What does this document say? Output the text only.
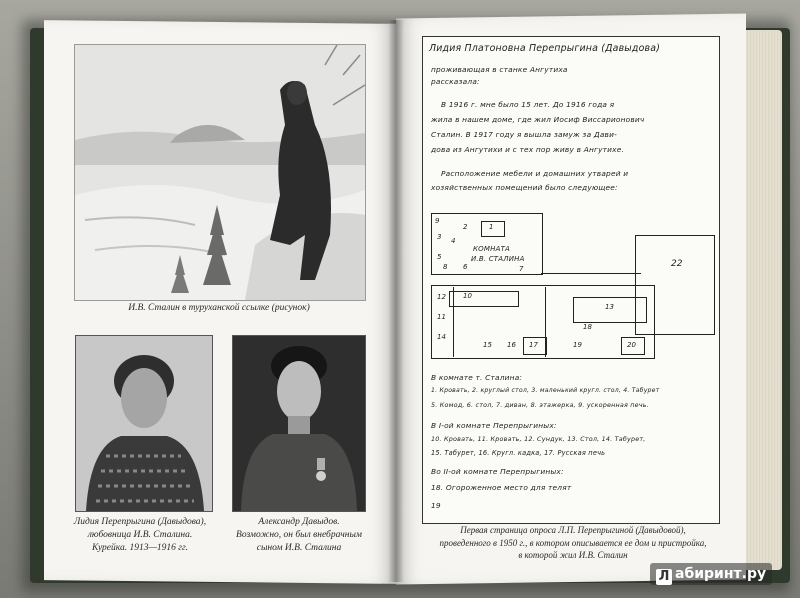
И.В. Сталин в туруханской ссылке (рисунок)
Лидия Перепрыгина (Давыдова),
любовница И.В. Сталина.
Курейка. 1913—1916 гг.
Александр Давыдов.
Возможно, он был внебрачным
сыном И.В. Сталина
Лидия Платоновна Перепрыгина (Давыдова)
проживающая в станке Ангутиха
рассказала:
В 1916 г. мне было 15 лет. До 1916 года я
жила в нашем доме, где жил Иосиф Виссарионович
Сталин. В 1917 году я вышла замуж за Дави-
дова из Ангутихи и с тех пор живу в Ангутихе.
Расположение мебели и домашних утварей и
хозяйственных помещений было следующее:
КОМНАТА
И.В. СТАЛИНА
9
1
2
3 4
5
6	7
8
10
11
12
13
14
15 16 17
18
19	20
22
В комнате т. Сталина:
1. Кровать, 2. круглый стол, 3. маленький кругл. стол, 4. Табурет
5. Комод, 6. стол, 7. диван, 8. этажерка, 9. ускоренная печь.
В I-ой комнате Перепрыгиных:
10. Кровать, 11. Кровать, 12. Сундук, 13. Стол, 14. Табурет,
15. Табурет, 16. Кругл. кадка, 17. Русская печь
Во II-ой комнате Перепрыгиных:
18. Огороженное место для телят
19
Первая страница опроса Л.П. Перепрыгиной (Давыдовой),
проведенного в 1950 г., в котором описывается ее дом и пристройка,
в которой жил И.В. Сталин
Л абиринт.ру
